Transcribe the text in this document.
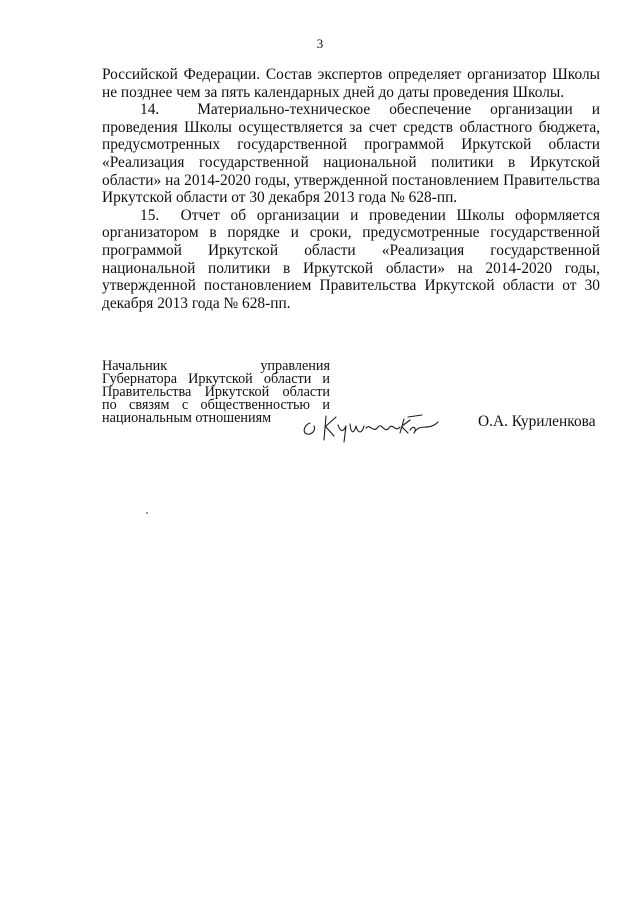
3

Российской Федерации. Состав экспертов определяет организатор Школы не позднее чем за пять календарных дней до даты проведения Школы.

14.  Материально-техническое обеспечение организации и проведения Школы осуществляется за счет средств областного бюджета, предусмотренных государственной программой Иркутской области «Реализация государственной национальной политики в Иркутской области» на 2014-2020 годы, утвержденной постановлением Правительства Иркутской области от 30 декабря 2013 года № 628-пп.

15.  Отчет об организации и проведении Школы оформляется организатором в порядке и сроки, предусмотренные государственной программой Иркутской области «Реализация государственной национальной политики в Иркутской области» на 2014-2020 годы, утвержденной постановлением Правительства Иркутской области от 30 декабря 2013 года № 628-пп.

Начальник управления
Губернатора Иркутской области и
Правительства Иркутской области
по связям с общественностью и
национальным отношениям	О.А. Куриленкова
